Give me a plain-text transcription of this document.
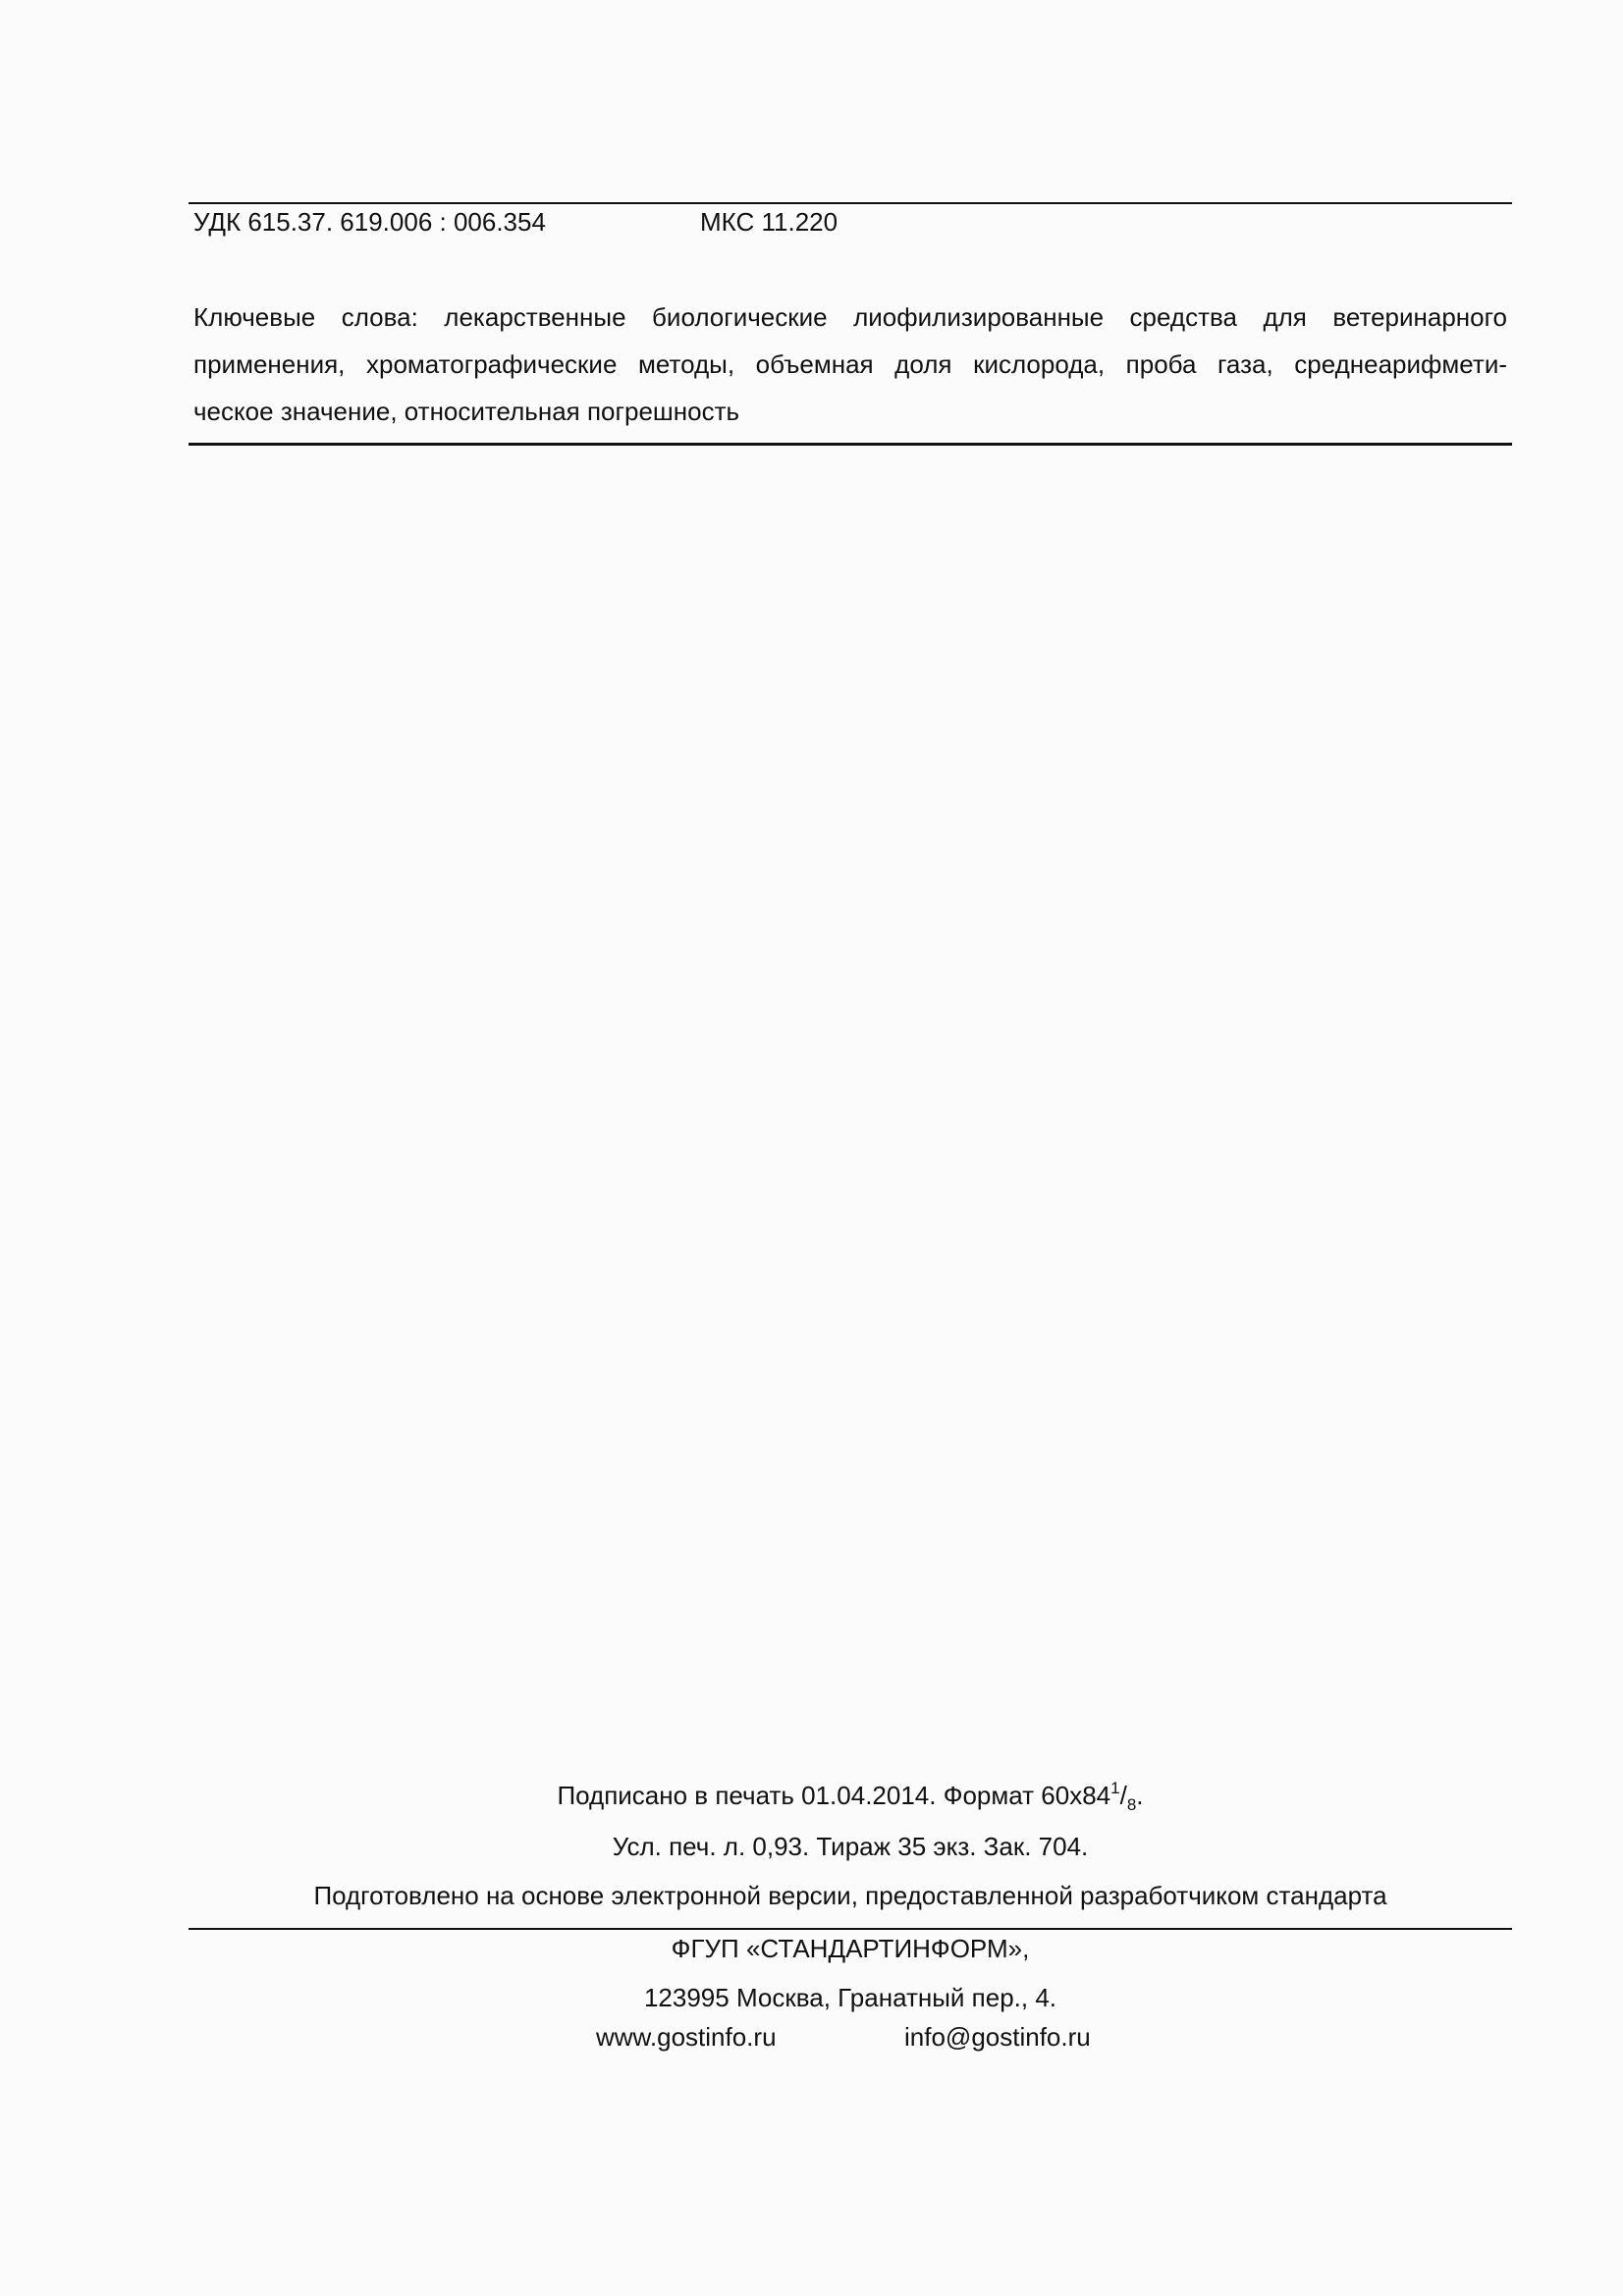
УДК 615.37. 619.006 : 006.354	МКС 11.220
Ключевые слова: лекарственные биологические лиофилизированные средства для ветеринарного
применения, хроматографические методы, объемная доля кислорода, проба газа, среднеарифмети-
ческое значение, относительная погрешность
Подписано в печать 01.04.2014. Формат $60х84^1/_8$.
Усл. печ. л. 0,93. Тираж 35 экз. Зак. 704.
Подготовлено на основе электронной версии, предоставленной разработчиком стандарта
ФГУП «СТАНДАРТИНФОРМ»,
123995 Москва, Гранатный пер., 4.
www.gostinfo.ru	info@gostinfo.ru
